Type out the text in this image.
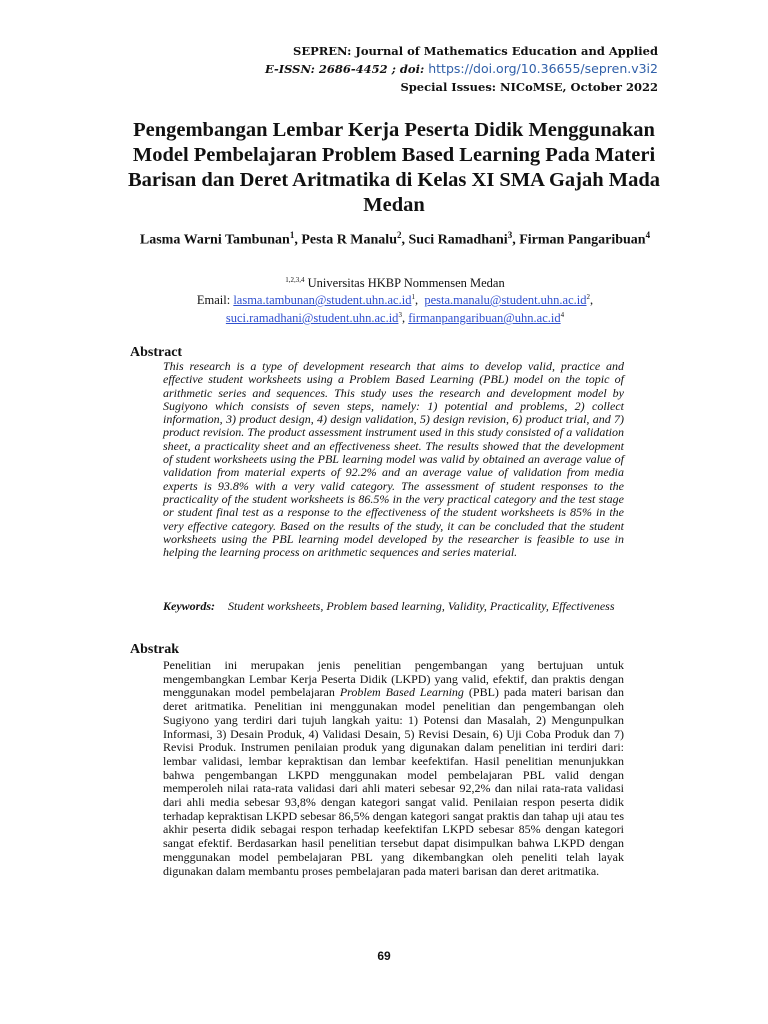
SEPREN: Journal of Mathematics Education and Applied
E-ISSN: 2686-4452 ; doi: https://doi.org/10.36655/sepren.v3i2
Special Issues: NICoMSE, October 2022
Pengembangan Lembar Kerja Peserta Didik Menggunakan Model Pembelajaran Problem Based Learning Pada Materi Barisan dan Deret Aritmatika di Kelas XI SMA Gajah Mada Medan
Lasma Warni Tambunan$^1$, Pesta R Manalu$^2$, Suci Ramadhani$^3$, Firman Pangaribuan$^4$
$^{1,2,3,4}$ Universitas HKBP Nommensen Medan
Email: $lasma.tambunan@student.uhn.ac.id^1$,  $pesta.manalu@student.uhn.ac.id^2$,
$suci.ramadhani@student.uhn.ac.id^3$, $firmanpangaribuan@uhn.ac.id^4$
Abstract
This research is a type of development research that aims to develop valid, practice and effective student worksheets using a Problem Based Learning (PBL) model on the topic of arithmetic series and sequences. This study uses the research and development model by Sugiyono which consists of seven steps, namely: 1) potential and problems, 2) collect information, 3) product design, 4) design validation, 5) design revision, 6) product trial, and 7) product revision. The product assessment instrument used in this study consisted of a validation sheet, a practicality sheet and an effectiveness sheet. The results showed that the development of student worksheets using the PBL learning model was valid by obtained an average value of validation from material experts of 92.2% and an average value of validation from media experts is 93.8% with a very valid category. The assessment of student responses to the practicality of the student worksheets is 86.5% in the very practical category and the test stage or student final test as a response to the effectiveness of the student worksheets is 85% in the very effective category. Based on the results of the study, it can be concluded that the student worksheets using the PBL learning model developed by the researcher is feasible to use in helping the learning process on arithmetic sequences and series material.
Keywords: Student worksheets, Problem based learning, Validity, Practicality, Effectiveness
Abstrak
Penelitian ini merupakan jenis penelitian pengembangan yang bertujuan untuk mengembangkan Lembar Kerja Peserta Didik (LKPD) yang valid, efektif, dan praktis dengan menggunakan model pembelajaran Problem Based Learning (PBL) pada materi barisan dan deret aritmatika. Penelitian ini menggunakan model penelitian dan pengembangan oleh Sugiyono yang terdiri dari tujuh langkah yaitu: 1) Potensi dan Masalah, 2) Mengunpulkan Informasi, 3) Desain Produk, 4) Validasi Desain, 5) Revisi Desain, 6) Uji Coba Produk dan 7) Revisi Produk. Instrumen penilaian produk yang digunakan dalam penelitian ini terdiri dari: lembar validasi, lembar kepraktisan dan lembar keefektifan. Hasil penelitian menunjukkan bahwa pengembangan LKPD menggunakan model pembelajaran PBL valid dengan memperoleh nilai rata-rata validasi dari ahli materi sebesar 92,2% dan nilai rata-rata validasi dari ahli media sebesar 93,8% dengan kategori sangat valid. Penilaian respon peserta didik terhadap kepraktisan LKPD sebesar 86,5% dengan kategori sangat praktis dan tahap uji atau tes akhir peserta didik sebagai respon terhadap keefektifan LKPD sebesar 85% dengan kategori sangat efektif. Berdasarkan hasil penelitian tersebut dapat disimpulkan bahwa LKPD dengan menggunakan model pembelajaran PBL yang dikembangkan oleh peneliti telah layak digunakan dalam membantu proses pembelajaran pada materi barisan dan deret aritmatika.
69
